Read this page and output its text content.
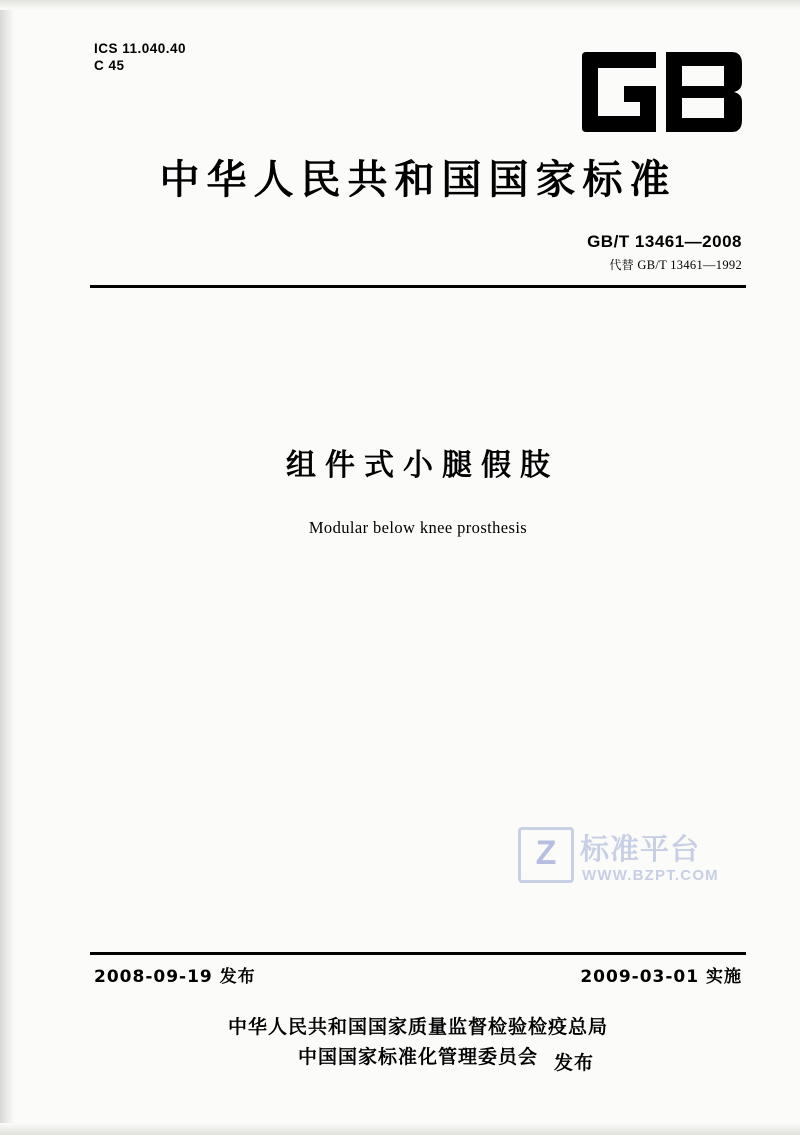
ICS 11.040.40
C 45
中华人民共和国国家标准
GB/T 13461—2008
代替 GB/T 13461—1992
组件式小腿假肢
Modular below knee prosthesis
Z 标准平台
WWW.BZPT.COM
2008-09-19 发布	2009-03-01 实施
中华人民共和国国家质量监督检验检疫总局
中国国家标准化管理委员会 发布
